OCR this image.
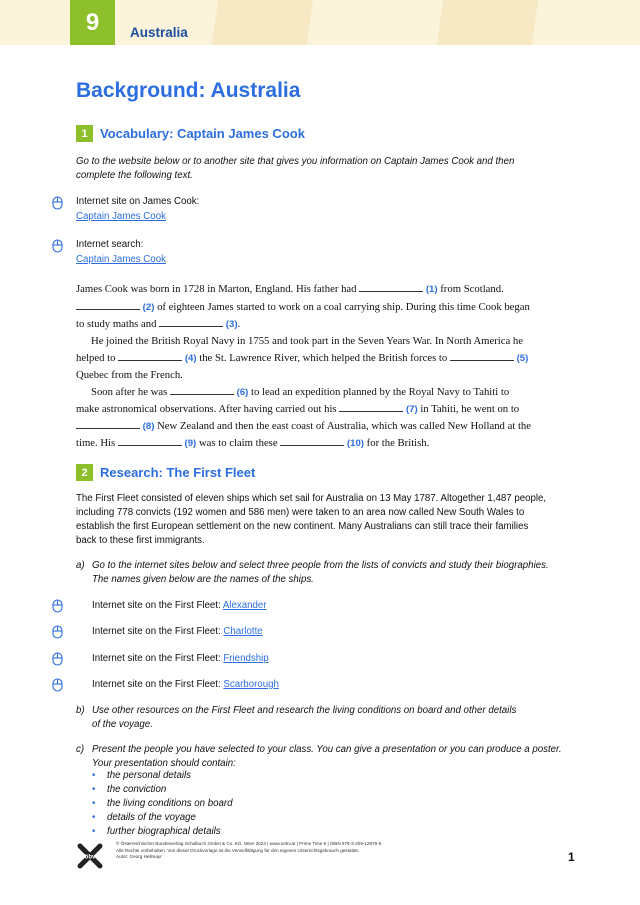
9	Australia
Background: Australia
1 Vocabulary: Captain James Cook
Go to the website below or to another site that gives you information on Captain James Cook and then
complete the following text.
Internet site on James Cook:
Captain James Cook
Internet search:
Captain James Cook
James Cook was born in 1728 in Marton, England. His father had	(1) from Scotland.
(2) of eighteen James started to work on a coal carrying ship. During this time Cook began
to study maths and	(3).
He joined the British Royal Navy in 1755 and took part in the Seven Years War. In North America he
helped to	(4) the St. Lawrence River, which helped the British forces to	(5)
Quebec from the French.
Soon after he was	(6) to lead an expedition planned by the Royal Navy to Tahiti to
make astronomical observations. After having carried out his	(7) in Tahiti, he went on to
(8) New Zealand and then the east coast of Australia, which was called New Holland at the
time. His	(9) was to claim these	(10) for the British.
2 Research: The First Fleet
The First Fleet consisted of eleven ships which set sail for Australia on 13 May 1787. Altogether 1,487 people,
including 778 convicts (192 women and 586 men) were taken to an area now called New South Wales to
establish the first European settlement on the new continent. Many Australians can still trace their families
back to these first immigrants.
a) Go to the internet sites below and select three people from the lists of convicts and study their biographies.
The names given below are the names of the ships.
Internet site on the First Fleet: Alexander
Internet site on the First Fleet: Charlotte
Internet site on the First Fleet: Friendship
Internet site on the First Fleet: Scarborough
b) Use other resources on the First Fleet and research the living conditions on board and other details
of the voyage.
c) Present the people you have selected to your class. You can give a presentation or you can produce a poster.
Your presentation should contain:
the personal details
the conviction
the living conditions on board
details of the voyage
further biographical details
öbv
© Österreichischer Bundesverlag Schulbuch GmbH & Co. KG, Wien 2024 | www.oebv.at | Prime Time 5 | ISBN 978-3-209-12979-6
Alle Rechte vorbehalten. Von dieser Druckvorlage ist die Vervielfältigung für den eigenen Unterrichtsgebrauch gestattet.
Autor: Georg Hellmayr	1
